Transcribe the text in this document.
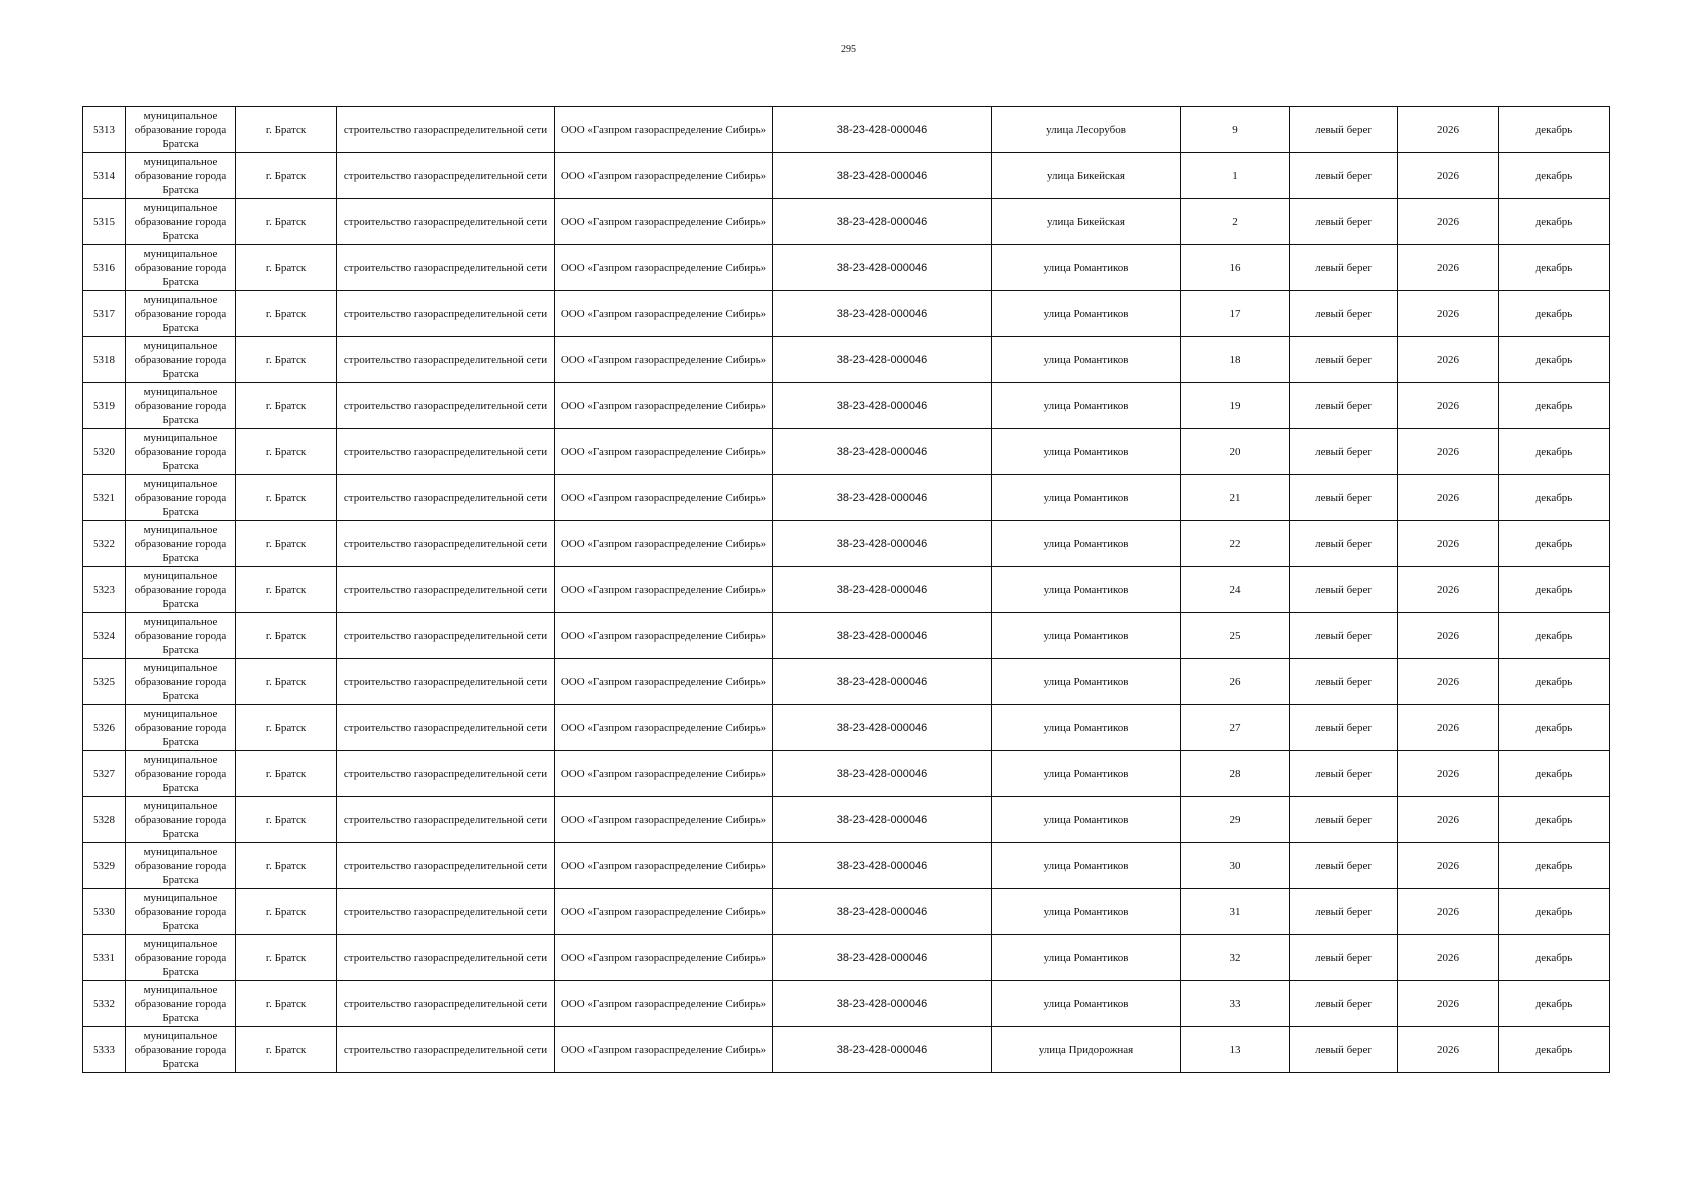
295
5313	муниципальное образование города Братска	г. Братск	строительство газораспределительной сети	ООО «Газпром газораспределение Сибирь»	38-23-428-000046	улица Лесорубов	9	левый берег	2026	декабрь
5314	муниципальное образование города Братска	г. Братск	строительство газораспределительной сети	ООО «Газпром газораспределение Сибирь»	38-23-428-000046	улица Бикейская	1	левый берег	2026	декабрь
5315	муниципальное образование города Братска	г. Братск	строительство газораспределительной сети	ООО «Газпром газораспределение Сибирь»	38-23-428-000046	улица Бикейская	2	левый берег	2026	декабрь
5316	муниципальное образование города Братска	г. Братск	строительство газораспределительной сети	ООО «Газпром газораспределение Сибирь»	38-23-428-000046	улица Романтиков	16	левый берег	2026	декабрь
5317	муниципальное образование города Братска	г. Братск	строительство газораспределительной сети	ООО «Газпром газораспределение Сибирь»	38-23-428-000046	улица Романтиков	17	левый берег	2026	декабрь
5318	муниципальное образование города Братска	г. Братск	строительство газораспределительной сети	ООО «Газпром газораспределение Сибирь»	38-23-428-000046	улица Романтиков	18	левый берег	2026	декабрь
5319	муниципальное образование города Братска	г. Братск	строительство газораспределительной сети	ООО «Газпром газораспределение Сибирь»	38-23-428-000046	улица Романтиков	19	левый берег	2026	декабрь
5320	муниципальное образование города Братска	г. Братск	строительство газораспределительной сети	ООО «Газпром газораспределение Сибирь»	38-23-428-000046	улица Романтиков	20	левый берег	2026	декабрь
5321	муниципальное образование города Братска	г. Братск	строительство газораспределительной сети	ООО «Газпром газораспределение Сибирь»	38-23-428-000046	улица Романтиков	21	левый берег	2026	декабрь
5322	муниципальное образование города Братска	г. Братск	строительство газораспределительной сети	ООО «Газпром газораспределение Сибирь»	38-23-428-000046	улица Романтиков	22	левый берег	2026	декабрь
5323	муниципальное образование города Братска	г. Братск	строительство газораспределительной сети	ООО «Газпром газораспределение Сибирь»	38-23-428-000046	улица Романтиков	24	левый берег	2026	декабрь
5324	муниципальное образование города Братска	г. Братск	строительство газораспределительной сети	ООО «Газпром газораспределение Сибирь»	38-23-428-000046	улица Романтиков	25	левый берег	2026	декабрь
5325	муниципальное образование города Братска	г. Братск	строительство газораспределительной сети	ООО «Газпром газораспределение Сибирь»	38-23-428-000046	улица Романтиков	26	левый берег	2026	декабрь
5326	муниципальное образование города Братска	г. Братск	строительство газораспределительной сети	ООО «Газпром газораспределение Сибирь»	38-23-428-000046	улица Романтиков	27	левый берег	2026	декабрь
5327	муниципальное образование города Братска	г. Братск	строительство газораспределительной сети	ООО «Газпром газораспределение Сибирь»	38-23-428-000046	улица Романтиков	28	левый берег	2026	декабрь
5328	муниципальное образование города Братска	г. Братск	строительство газораспределительной сети	ООО «Газпром газораспределение Сибирь»	38-23-428-000046	улица Романтиков	29	левый берег	2026	декабрь
5329	муниципальное образование города Братска	г. Братск	строительство газораспределительной сети	ООО «Газпром газораспределение Сибирь»	38-23-428-000046	улица Романтиков	30	левый берег	2026	декабрь
5330	муниципальное образование города Братска	г. Братск	строительство газораспределительной сети	ООО «Газпром газораспределение Сибирь»	38-23-428-000046	улица Романтиков	31	левый берег	2026	декабрь
5331	муниципальное образование города Братска	г. Братск	строительство газораспределительной сети	ООО «Газпром газораспределение Сибирь»	38-23-428-000046	улица Романтиков	32	левый берег	2026	декабрь
5332	муниципальное образование города Братска	г. Братск	строительство газораспределительной сети	ООО «Газпром газораспределение Сибирь»	38-23-428-000046	улица Романтиков	33	левый берег	2026	декабрь
5333	муниципальное образование города Братска	г. Братск	строительство газораспределительной сети	ООО «Газпром газораспределение Сибирь»	38-23-428-000046	улица Придорожная	13	левый берег	2026	декабрь
